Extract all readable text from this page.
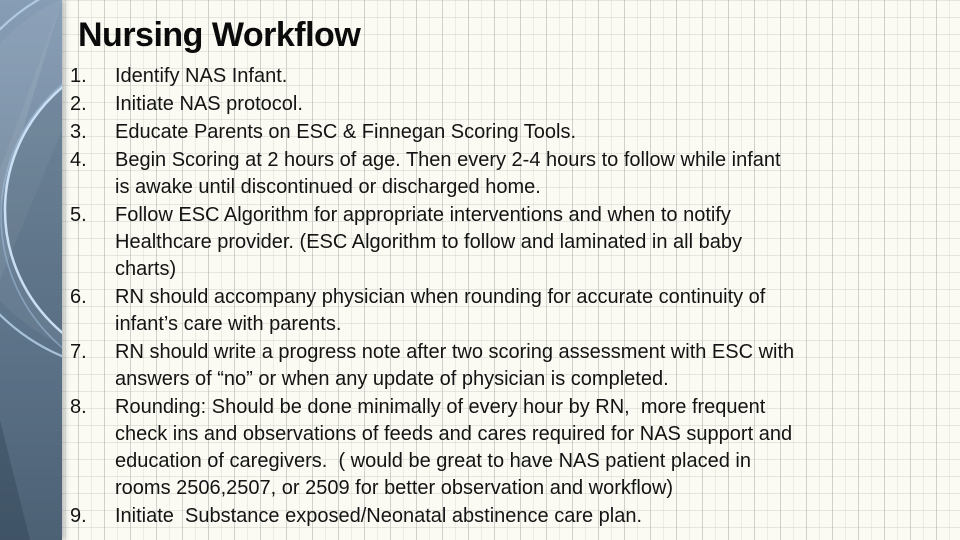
Nursing Workflow
1.	Identify NAS Infant.
2.	Initiate NAS protocol.
3.	Educate Parents on ESC & Finnegan Scoring Tools.
4.	Begin Scoring at 2 hours of age. Then every 2-4 hours to follow while infant
is awake until discontinued or discharged home.
5.	Follow ESC Algorithm for appropriate interventions and when to notify
Healthcare provider. (ESC Algorithm to follow and laminated in all baby
charts)
6.	RN should accompany physician when rounding for accurate continuity of
infant’s care with parents.
7.	RN should write a progress note after two scoring assessment with ESC with
answers of “no” or when any update of physician is completed.
8.	Rounding: Should be done minimally of every hour by RN,  more frequent
check ins and observations of feeds and cares required for NAS support and
education of caregivers.  ( would be great to have NAS patient placed in
rooms 2506,2507, or 2509 for better observation and workflow)
9.	Initiate  Substance exposed/Neonatal abstinence care plan.
